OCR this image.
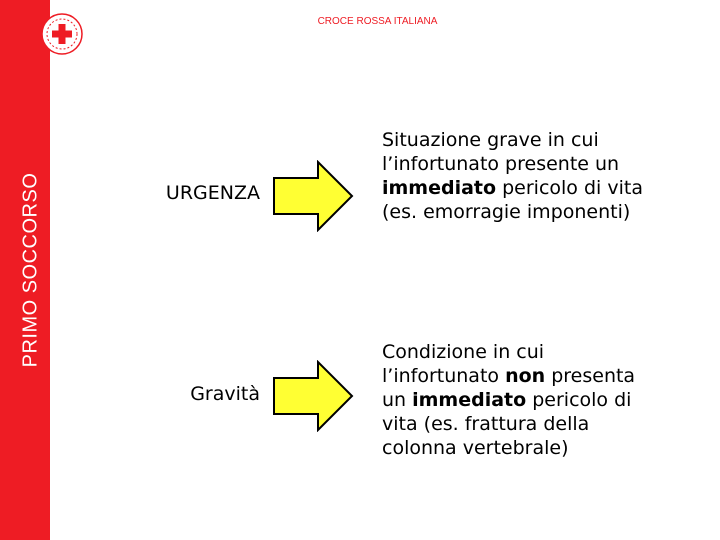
PRIMO SOCCORSO
CROCE ROSSA ITALIANA
URGENZA
Situazione grave in cui
l’infortunato presente un
immediato pericolo di vita
(es. emorragie imponenti)
Gravità
Condizione in cui
l’infortunato non presenta
un immediato pericolo di
vita (es. frattura della
colonna vertebrale)
